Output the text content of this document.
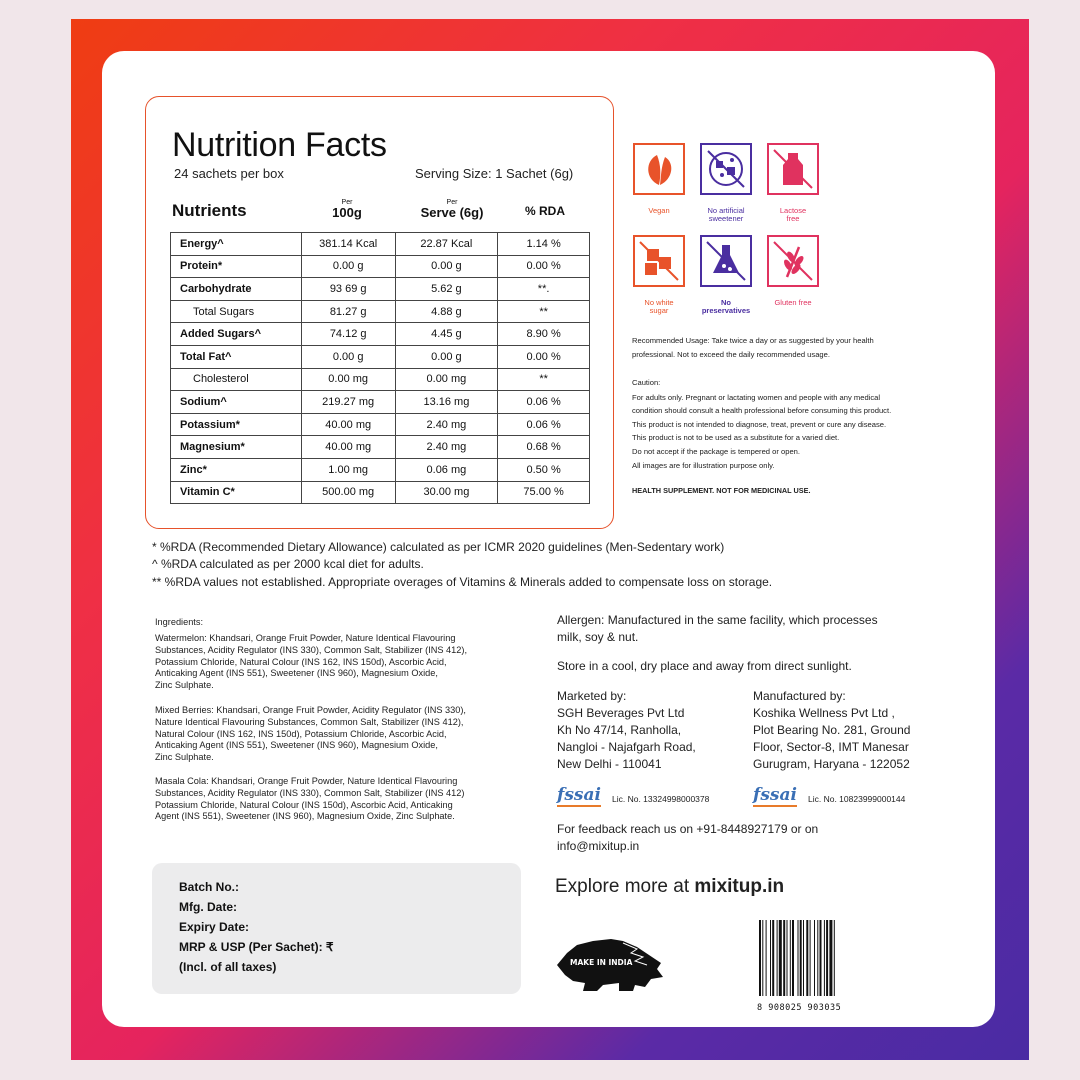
Nutrition Facts
24 sachets per box	Serving Size: 1 Sachet (6g)
Nutrients	Per
100g
Per
Serve (6g)	% RDA
Energy^	381.14 Kcal	22.87 Kcal	1.14 %
Protein*	0.00 g	0.00 g	0.00 %
Carbohydrate	93 69 g	5.62 g	**.
Total Sugars	81.27 g	4.88 g	**
Added Sugars^	74.12 g	4.45 g	8.90 %
Total Fat^	0.00 g	0.00 g	0.00 %
Cholesterol	0.00 mg	0.00 mg	**
Sodium^	219.27 mg	13.16 mg	0.06 %
Potassium*	40.00 mg	2.40 mg	0.06 %
Magnesium*	40.00 mg	2.40 mg	0.68 %
Zinc*	1.00 mg	0.06 mg	0.50 %
Vitamin C*	500.00 mg	30.00 mg	75.00 %
Vegan	No artificial
sweetener
Lactose
free
No white
sugar
No
preservatives
Gluten free
Recommended Usage: Take twice a day or as suggested by your health
professional. Not to exceed the daily recommended usage.
Caution:
For adults only. Pregnant or lactating women and people with any medical
condition should consult a health professional before consuming this product.
This product is not intended to diagnose, treat, prevent or cure any disease.
This product is not to be used as a substitute for a varied diet.
Do not accept if the package is tempered or open.
All images are for illustration purpose only.
HEALTH SUPPLEMENT. NOT FOR MEDICINAL USE.
* %RDA (Recommended Dietary Allowance) calculated as per ICMR 2020 guidelines (Men-Sedentary work)
^ %RDA calculated as per 2000 kcal diet for adults.
** %RDA values not established. Appropriate overages of Vitamins & Minerals added to compensate loss on storage.
Ingredients:
Watermelon: Khandsari, Orange Fruit Powder, Nature Identical Flavouring
Substances, Acidity Regulator (INS 330), Common Salt, Stabilizer (INS 412),
Potassium Chloride, Natural Colour (INS 162, INS 150d), Ascorbic Acid,
Anticaking Agent (INS 551), Sweetener (INS 960), Magnesium Oxide,
Zinc Sulphate.
Mixed Berries: Khandsari, Orange Fruit Powder, Acidity Regulator (INS 330),
Nature Identical Flavouring Substances, Common Salt, Stabilizer (INS 412),
Natural Colour (INS 162, INS 150d), Potassium Chloride, Ascorbic Acid,
Anticaking Agent (INS 551), Sweetener (INS 960), Magnesium Oxide,
Zinc Sulphate.
Masala Cola: Khandsari, Orange Fruit Powder, Nature Identical Flavouring
Substances, Acidity Regulator (INS 330), Common Salt, Stabilizer (INS 412)
Potassium Chloride, Natural Colour (INS 150d), Ascorbic Acid, Anticaking
Agent (INS 551), Sweetener (INS 960), Magnesium Oxide, Zinc Sulphate.
Allergen: Manufactured in the same facility, which processes
milk, soy & nut.
Store in a cool, dry place and away from direct sunlight.
Marketed by:
SGH Beverages Pvt Ltd
Kh No 47/14, Ranholla,
Nangloi - Najafgarh Road,
New Delhi - 110041
Manufactured by:
Koshika Wellness Pvt Ltd ,
Plot Bearing No. 281, Ground
Floor, Sector-8, IMT Manesar
Gurugram, Haryana - 122052
fssai Lic. No. 13324998000378	fssai Lic. No. 10823999000144
For feedback reach us on +91-8448927179 or on
info@mixitup.in
Explore more at mixitup.in
MAKE IN INDIA
8 908025 903035
Batch No.:
Mfg. Date:
Expiry Date:
MRP & USP (Per Sachet): ₹
(Incl. of all taxes)
